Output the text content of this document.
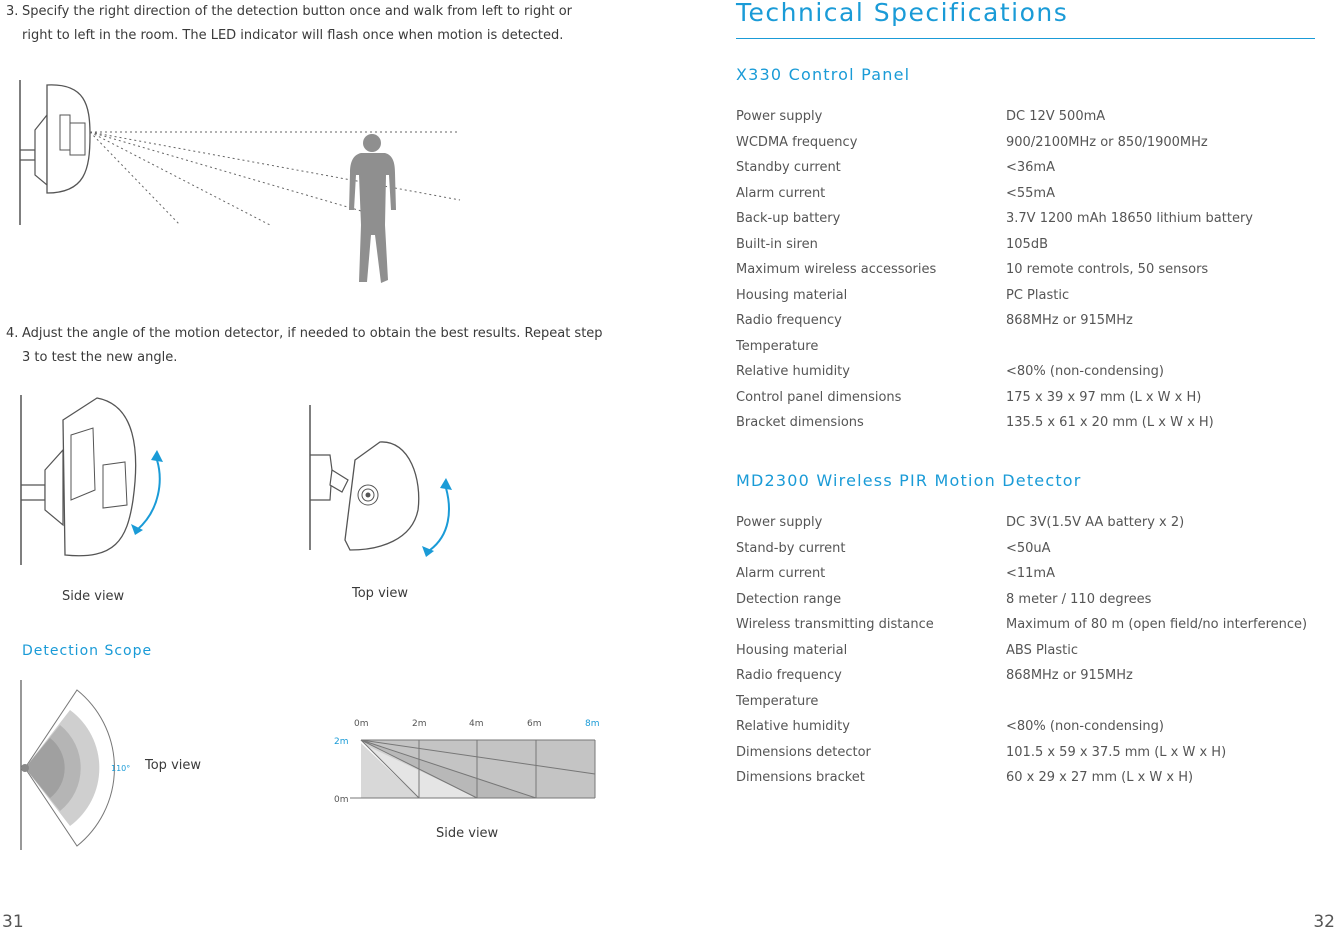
3. Specify the right direction of the detection button once and walk from left to right or right to left in the room. The LED indicator will flash once when motion is detected.
4. Adjust the angle of the motion detector, if needed to obtain the best results. Repeat step 3 to test the new angle.
Side view	Top view
Detection Scope
110° Top view
0m	2m	4m	6m	8m
2m
0m
Side view
31
Technical Specifications
X330 Control Panel
Power supply	DC 12V 500mA
WCDMA frequency	900/2100MHz or 850/1900MHz
Standby current	<36mA
Alarm current	<55mA
Back-up battery	3.7V 1200 mAh 18650 lithium battery
Built-in siren	105dB
Maximum wireless accessories	10 remote controls, 50 sensors
Housing material	PC Plastic
Radio frequency	868MHz or 915MHz
Temperature
Relative humidity	<80% (non-condensing)
Control panel dimensions	175 x 39 x 97 mm (L x W x H)
Bracket dimensions	135.5 x 61 x 20 mm (L x W x H)
MD2300 Wireless PIR Motion Detector
Power supply	DC 3V(1.5V AA battery x 2)
Stand-by current	<50uA
Alarm current	<11mA
Detection range	8 meter / 110 degrees
Wireless transmitting distance	Maximum of 80 m (open field/no interference)
Housing material	ABS Plastic
Radio frequency	868MHz or 915MHz
Temperature
Relative humidity	<80% (non-condensing)
Dimensions detector	101.5 x 59 x 37.5 mm (L x W x H)
Dimensions bracket	60 x 29 x 27 mm (L x W x H)
32
